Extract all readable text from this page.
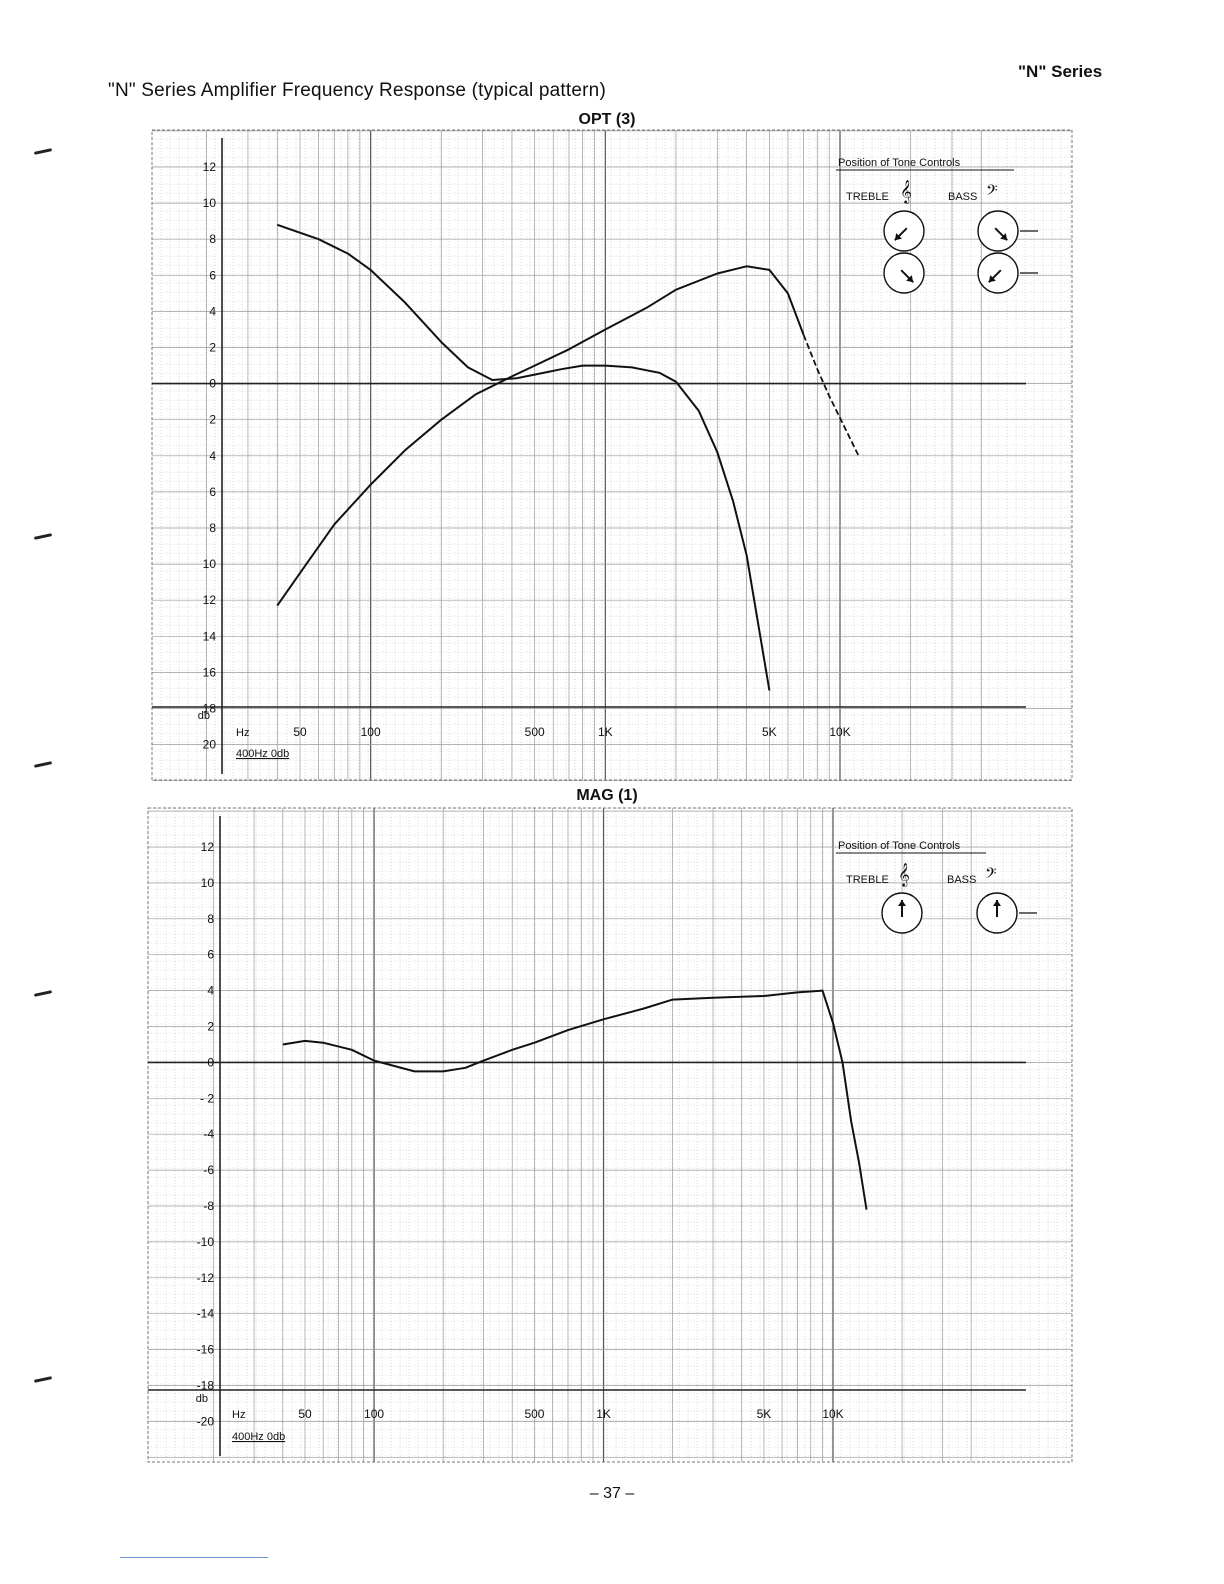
"N" Series
"N" Series Amplifier Frequency Response (typical pattern)
OPT (3)
MAG (1)
12
10
8
6
4
2
0
2
4
6
8
10
12
14
16
18
20
db
50	100	500	1K	5K	10K
Hz
400Hz 0db
Position of Tone Controls
TREBLE	BASS
𝄞	𝄢
12
10
8
6
4
2
0
- 2
-4
-6
-8
-10
-12
-14
-16
-18
-20
db
50	100	500	1K	5K	10K
Hz
400Hz 0db
Position of Tone Controls
TREBLE	BASS
𝄞	𝄢
– 37 –
